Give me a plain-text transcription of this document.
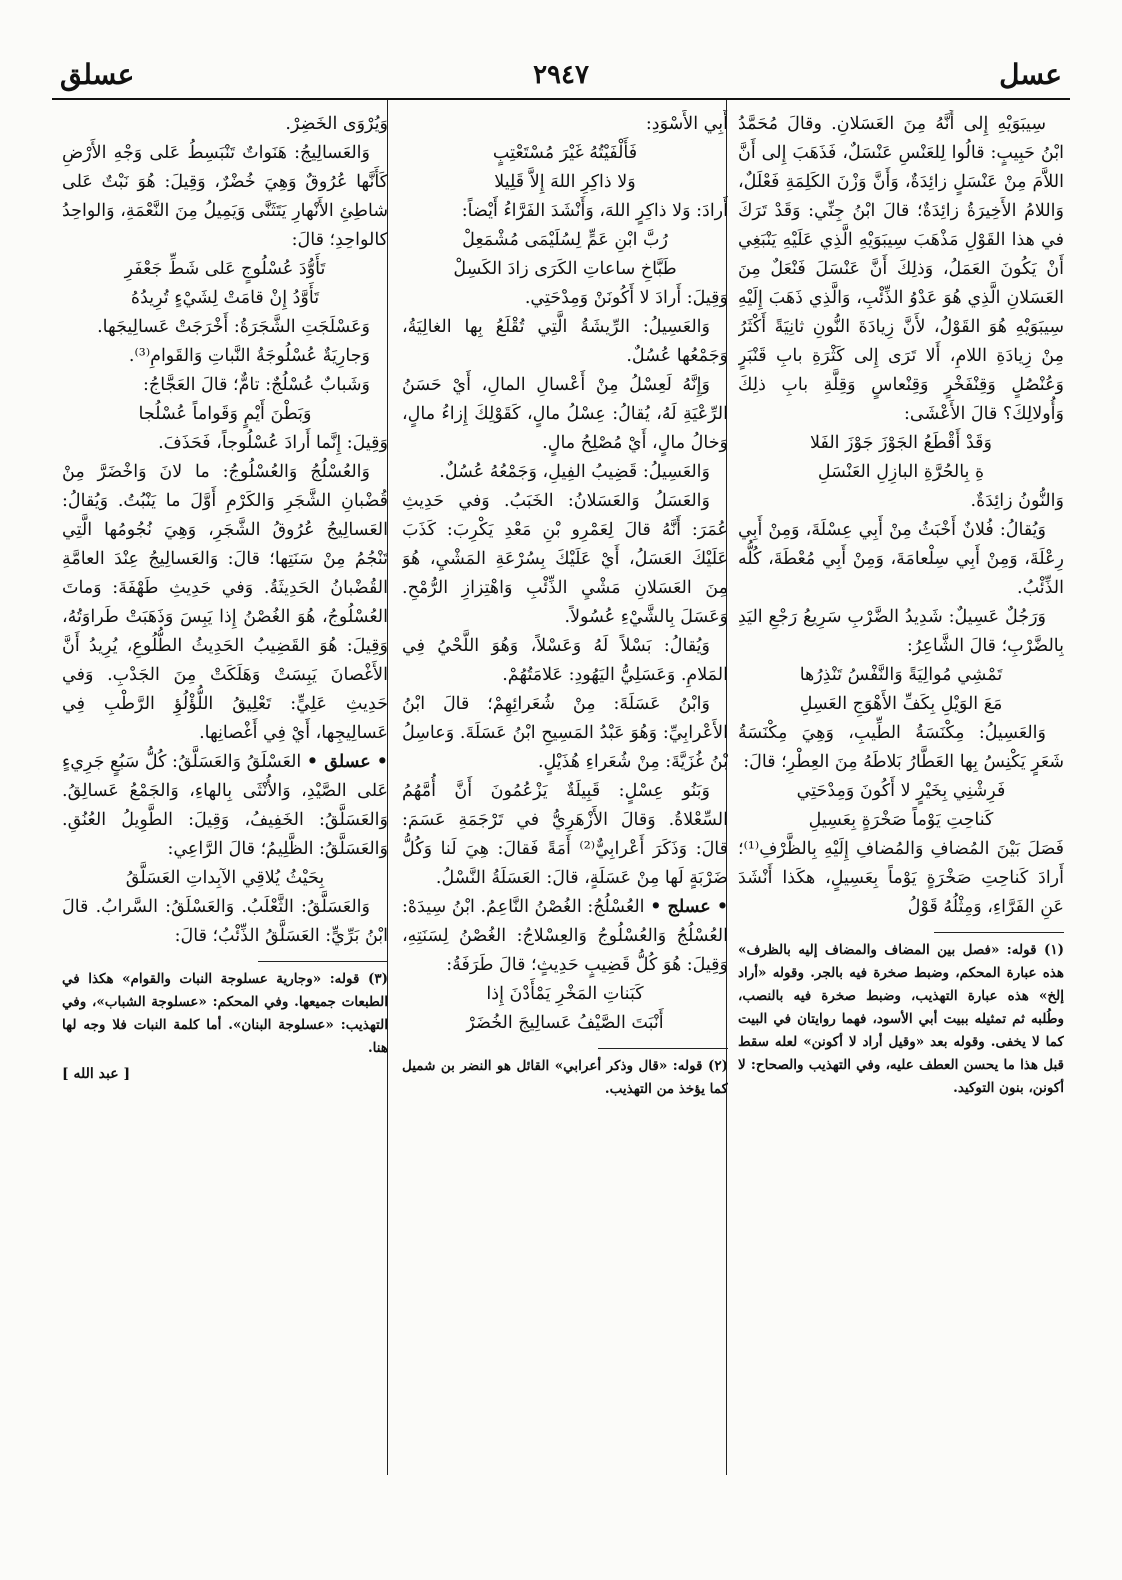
عسل
٢٩٤٧
عسلق

سِيبَوَيْهِ إِلى أَنَّهُ مِنَ العَسَلانِ. وقالَ مُحَمَّدُ ابْنُ حَبِيبٍ: قالُوا لِلعَنْسِ عَنْسَلٌ، فَذَهَبَ إِلى أَنَّ اللاَّمَ مِنْ عَنْسَلٍ زائِدَةٌ، وَأَنَّ وَزْنَ الكَلِمَةِ فَعْلَلٌ، وَاللامُ الأَخِيرَةُ زائِدَةٌ؛ قالَ ابْنُ جِنِّي: وَقَدْ تَرَكَ في هذا القَوْلِ مَذْهَبَ سِيبَوَيْهِ الَّذِي عَلَيْهِ يَنْبَغِي أَنْ يَكُونَ العَمَلُ، وَذلِكَ أَنَّ عَنْسَلَ فَنْعَلٌ مِنَ العَسَلانِ الَّذِي هُوَ عَدْوُ الذِّئْبِ، وَالَّذِي ذَهَبَ إِلَيْهِ سِيبَوَيْهِ هُوَ القَوْلُ، لأَنَّ زِيادَةَ النُّونِ ثانِيَةً أَكْثَرُ مِنْ زِيادَةِ اللامِ، أَلا تَرَى إِلى كَثْرَةِ بابِ قَنْبَرٍ وَعُنْصُلٍ وَقِنْفَخْرٍ وَقِنْعاسٍ وَقِلَّةِ بابِ ذلِكَ وَأُولالِكَ؟ قالَ الأَعْشَى:

وَقَدْ أَقْطَعُ الجَوْزَ جَوْزَ الفَلا

ةِ بِالحُرَّةِ البازِلِ العَنْسَلِ

وَالنُّونُ زائِدَةٌ.

وَيُقالُ: فُلانٌ أَخْبَثُ مِنْ أَبِي عِسْلَةَ، وَمِنْ أَبِي رِعْلَةَ، وَمِنْ أَبِي سِلْعامَةَ، وَمِنْ أَبِي مُعْطَةَ، كُلُّه الذِّئْبُ.

وَرَجُلٌ عَسِيلٌ: شَدِيدُ الضَّرْبِ سَرِيعُ رَجْعِ اليَدِ بِالضَّرْبِ؛ قالَ الشَّاعِرُ:

تَمْشِي مُوالِيَةً وَالنَّفْسُ تَنْذِرُها

مَعَ الوَيْلِ بِكَفِّ الأَهْوَجِ العَسِلِ

وَالعَسِيلُ: مِكْنَسَةُ الطِّيبِ، وَهِيَ مِكْنَسَةُ شَعَرٍ يَكْنِسُ بِها العَطَّارُ بَلاطَهُ مِنَ العِطْرِ؛ قالَ:

فَرِشْنِي بِخَيْرٍ لا أَكُونَ وَمِدْحَتِي

كَناحِتِ يَوْماً صَخْرَةٍ بِعَسِيلِ

فَصَلَ بَيْنَ المُضافِ وَالمُضافِ إِلَيْهِ بِالظَّرْفِ⁽¹⁾؛ أَرادَ كَناحِتِ صَخْرَةٍ يَوْماً بِعَسِيلٍ، هكَذا أَنْشَدَ عَنِ الفَرَّاءِ، وَمِثْلُهُ قَوْلُ

(١) قوله: «فصل بين المضاف والمضاف إليه بالظرف» هذه عبارة المحكم، وضبط صخرة فيه بالجر. وقوله «أراد إلخ» هذه عبارة التهذيب، وضبط صخرة فيه بالنصب، وطُلبه ثم تمثيله ببيت أبي الأسود، فهما روايتان في البيت كما لا يخفى. وقوله بعد «وقيل أراد لا أكونن» لعله سقط قبل هذا ما يحسن العطف عليه، وفي التهذيب والصحاح: لا أكونن، بنون التوكيد.

أَبِي الأَسْوَدِ:

فَأَلْفَيْتُهُ غَيْرَ مُسْتَعْتِبٍ

وَلا ذاكِرِ اللهَ إِلاَّ قَلِيلا

أَرادَ: وَلا ذاكِرٍ اللهَ، وَأَنْشَدَ الفَرَّاءُ أَيْضاً:

رُبَّ ابْنِ عَمٍّ لِسُلَيْمَى مُشْمَعِلْ

طَبَّاخِ ساعاتِ الكَرَى زادَ الكَسِلْ

وَقِيلَ: أَرادَ لا أَكُونَنْ وَمِدْحَتِي.

وَالعَسِيلُ: الرِّيشَةُ الَّتِي تُقْلَعُ بِها الغالِيَةُ، وَجَمْعُها عُسُلٌ.

وَإِنَّهُ لَعِسْلُ مِنْ أَعْسالِ المالِ، أَيْ حَسَنُ الرِّعْيَةِ لَهُ، يُقالُ: عِسْلُ مالٍ، كَقَوْلِكَ إِزاءُ مالٍ، وَخالُ مالٍ، أَيْ مُصْلِحُ مالٍ.

وَالعَسِيلُ: قَضِيبُ الفِيلِ، وَجَمْعُهُ عُسُلٌ.

وَالعَسَلُ وَالعَسَلانُ: الخَبَبُ. وَفي حَدِيثِ عُمَرَ: أَنَّهُ قالَ لِعَمْرِو بْنِ مَعْدِ يَكْرِبَ: كَذَبَ عَلَيْكَ العَسَلُ، أَيْ عَلَيْكَ بِسُرْعَةِ المَشْيِ، هُوَ مِنَ العَسَلانِ مَشْيِ الذِّئْبِ وَاهْتِزازِ الرُّمْحِ. وَعَسَلَ بِالشَّيْءِ عُسُولاً.

وَيُقالُ: بَسْلاً لَهُ وَعَسْلاً، وَهُوَ اللَّحْيُ فِي المَلامِ. وَعَسَلِيُّ اليَهُودِ: عَلامَتُهُمْ.

وَابْنُ عَسَلَةَ: مِنْ شُعَرائِهِمْ؛ قالَ ابْنُ الأَعْرابِيِّ: وَهُوَ عَبْدُ المَسِيحِ ابْنُ عَسَلَةَ. وَعاسِلُ بْنُ غُزَيَّةَ: مِنْ شُعَراءِ هُذَيْلٍ.

وَبَنُو عِسْلٍ: قَبِيلَةٌ يَزْعُمُونَ أَنَّ أُمَّهُمُ السِّعْلاةُ. وَقالَ الأَزْهَرِيُّ في تَرْجَمَةِ عَسَمَ: قالَ: وَذَكَرَ أَعْرابِيٌّ⁽²⁾ أَمَةً فَقالَ: هِيَ لَنا وَكُلُّ ضَرْبَةٍ لَها مِنْ عَسَلَةٍ، قالَ: العَسَلَةُ النَّسْلُ.

• عسلج • العُسْلُجُ: الغُصْنُ النَّاعِمُ. ابْنُ سِيدَهْ: العُسْلُجُ وَالعُسْلُوجُ وَالعِسْلاجُ: الغُصْنُ لِسَنَتِهِ، وَقِيلَ: هُوَ كُلُّ قَضِيبٍ حَدِيثٍ؛ قالَ طَرَفَةُ:

كَبَناتِ المَخْرِ يَمْأَدْنَ إِذا

أَنْبَتَ الصَّيْفُ عَسالِيجَ الخُضَرْ

(٢) قوله: «قال وذكر أعرابي» القائل هو النضر بن شميل كما يؤخذ من التهذيب.

وَيُرْوَى الخَضِرْ.

وَالعَسالِيجُ: هَنَواتٌ تَنْبَسِطُ عَلى وَجْهِ الأَرْضِ كَأَنَّها عُرُوقٌ وَهِيَ خُضْرٌ، وَقِيلَ: هُوَ نَبْتٌ عَلى شاطِئِ الأَنْهارِ يَتَثَنَّى وَيَمِيلُ مِنَ النَّعْمَةِ، وَالواحِدُ كالواحِدِ؛ قالَ:

تَأَوُّدَ عُسْلُوجٍ عَلى شَطِّ جَعْفَرِ

تَأَوَّدُ إِنْ قامَتْ لِشَيْءٍ تُرِيدُهُ

وَعَسْلَجَتِ الشَّجَرَةُ: أَخْرَجَتْ عَسالِيجَها.

وَجارِيَةٌ عُسْلُوجَةُ النَّباتِ وَالقَوامِ⁽³⁾.

وَشَبابٌ عُسْلُجٌ: تامٌّ؛ قالَ العَجَّاجُ:

وَبَطْنَ أَيْمٍ وَقَواماً عُسْلُجا

وَقِيلَ: إِنَّما أَرادَ عُسْلُوجاً، فَحَذَفَ.

وَالعُسْلُجُ وَالعُسْلُوجُ: ما لانَ وَاخْضَرَّ مِنْ قُضْبانِ الشَّجَرِ وَالكَرْمِ أَوَّلَ ما يَنْبُتُ. وَيُقالُ: العَسالِيجُ عُرُوقُ الشَّجَرِ، وَهِيَ نُجُومُها الَّتِي تَنْجُمُ مِنْ سَنَتِها؛ قالَ: وَالعَسالِيجُ عِنْدَ العامَّةِ القُضْبانُ الحَدِيثَةُ. وَفي حَدِيثِ طَهْفَةَ: وَماتَ العُسْلُوجُ، هُوَ الغُصْنُ إِذا يَبِسَ وَذَهَبَتْ طَراوَتُهُ، وَقِيلَ: هُوَ القَضِيبُ الحَدِيثُ الطُّلُوعِ، يُرِيدُ أَنَّ الأَغْصانَ يَبِسَتْ وَهَلَكَتْ مِنَ الجَدْبِ. وَفي حَدِيثِ عَلِيٍّ: تَعْلِيقُ اللُّؤْلُؤِ الرَّطْبِ فِي عَسالِيجِها، أَيْ فِي أَغْصانِها.

• عسلق • العَسْلَقُ وَالعَسَلَّقُ: كُلُّ سَبُعٍ جَرِيءٍ عَلى الصَّيْدِ، وَالأُنْثَى بِالهاءِ، وَالجَمْعُ عَسالِقُ. وَالعَسَلَّقُ: الخَفِيفُ، وَقِيلَ: الطَّوِيلُ العُنُقِ. وَالعَسَلَّقُ: الظَّلِيمُ؛ قالَ الرَّاعِي:

بِحَيْثُ يُلاقِي الآبِداتِ العَسَلَّقُ

وَالعَسَلَّقُ: الثَّعْلَبُ. وَالعَسْلَقُ: السَّرابُ. قالَ ابْنُ بَرِّيٍّ: العَسَلَّقُ الذِّئْبُ؛ قالَ:

(٣) قوله: «وجارية عسلوجة النبات والقوام» هكذا في الطبعات جميعها. وفي المحكم: «عسلوجة الشباب»، وفي التهذيب: «عسلوجة البنان». أما كلمة النبات فلا وجه لها هنا.

[ عبد الله ]
